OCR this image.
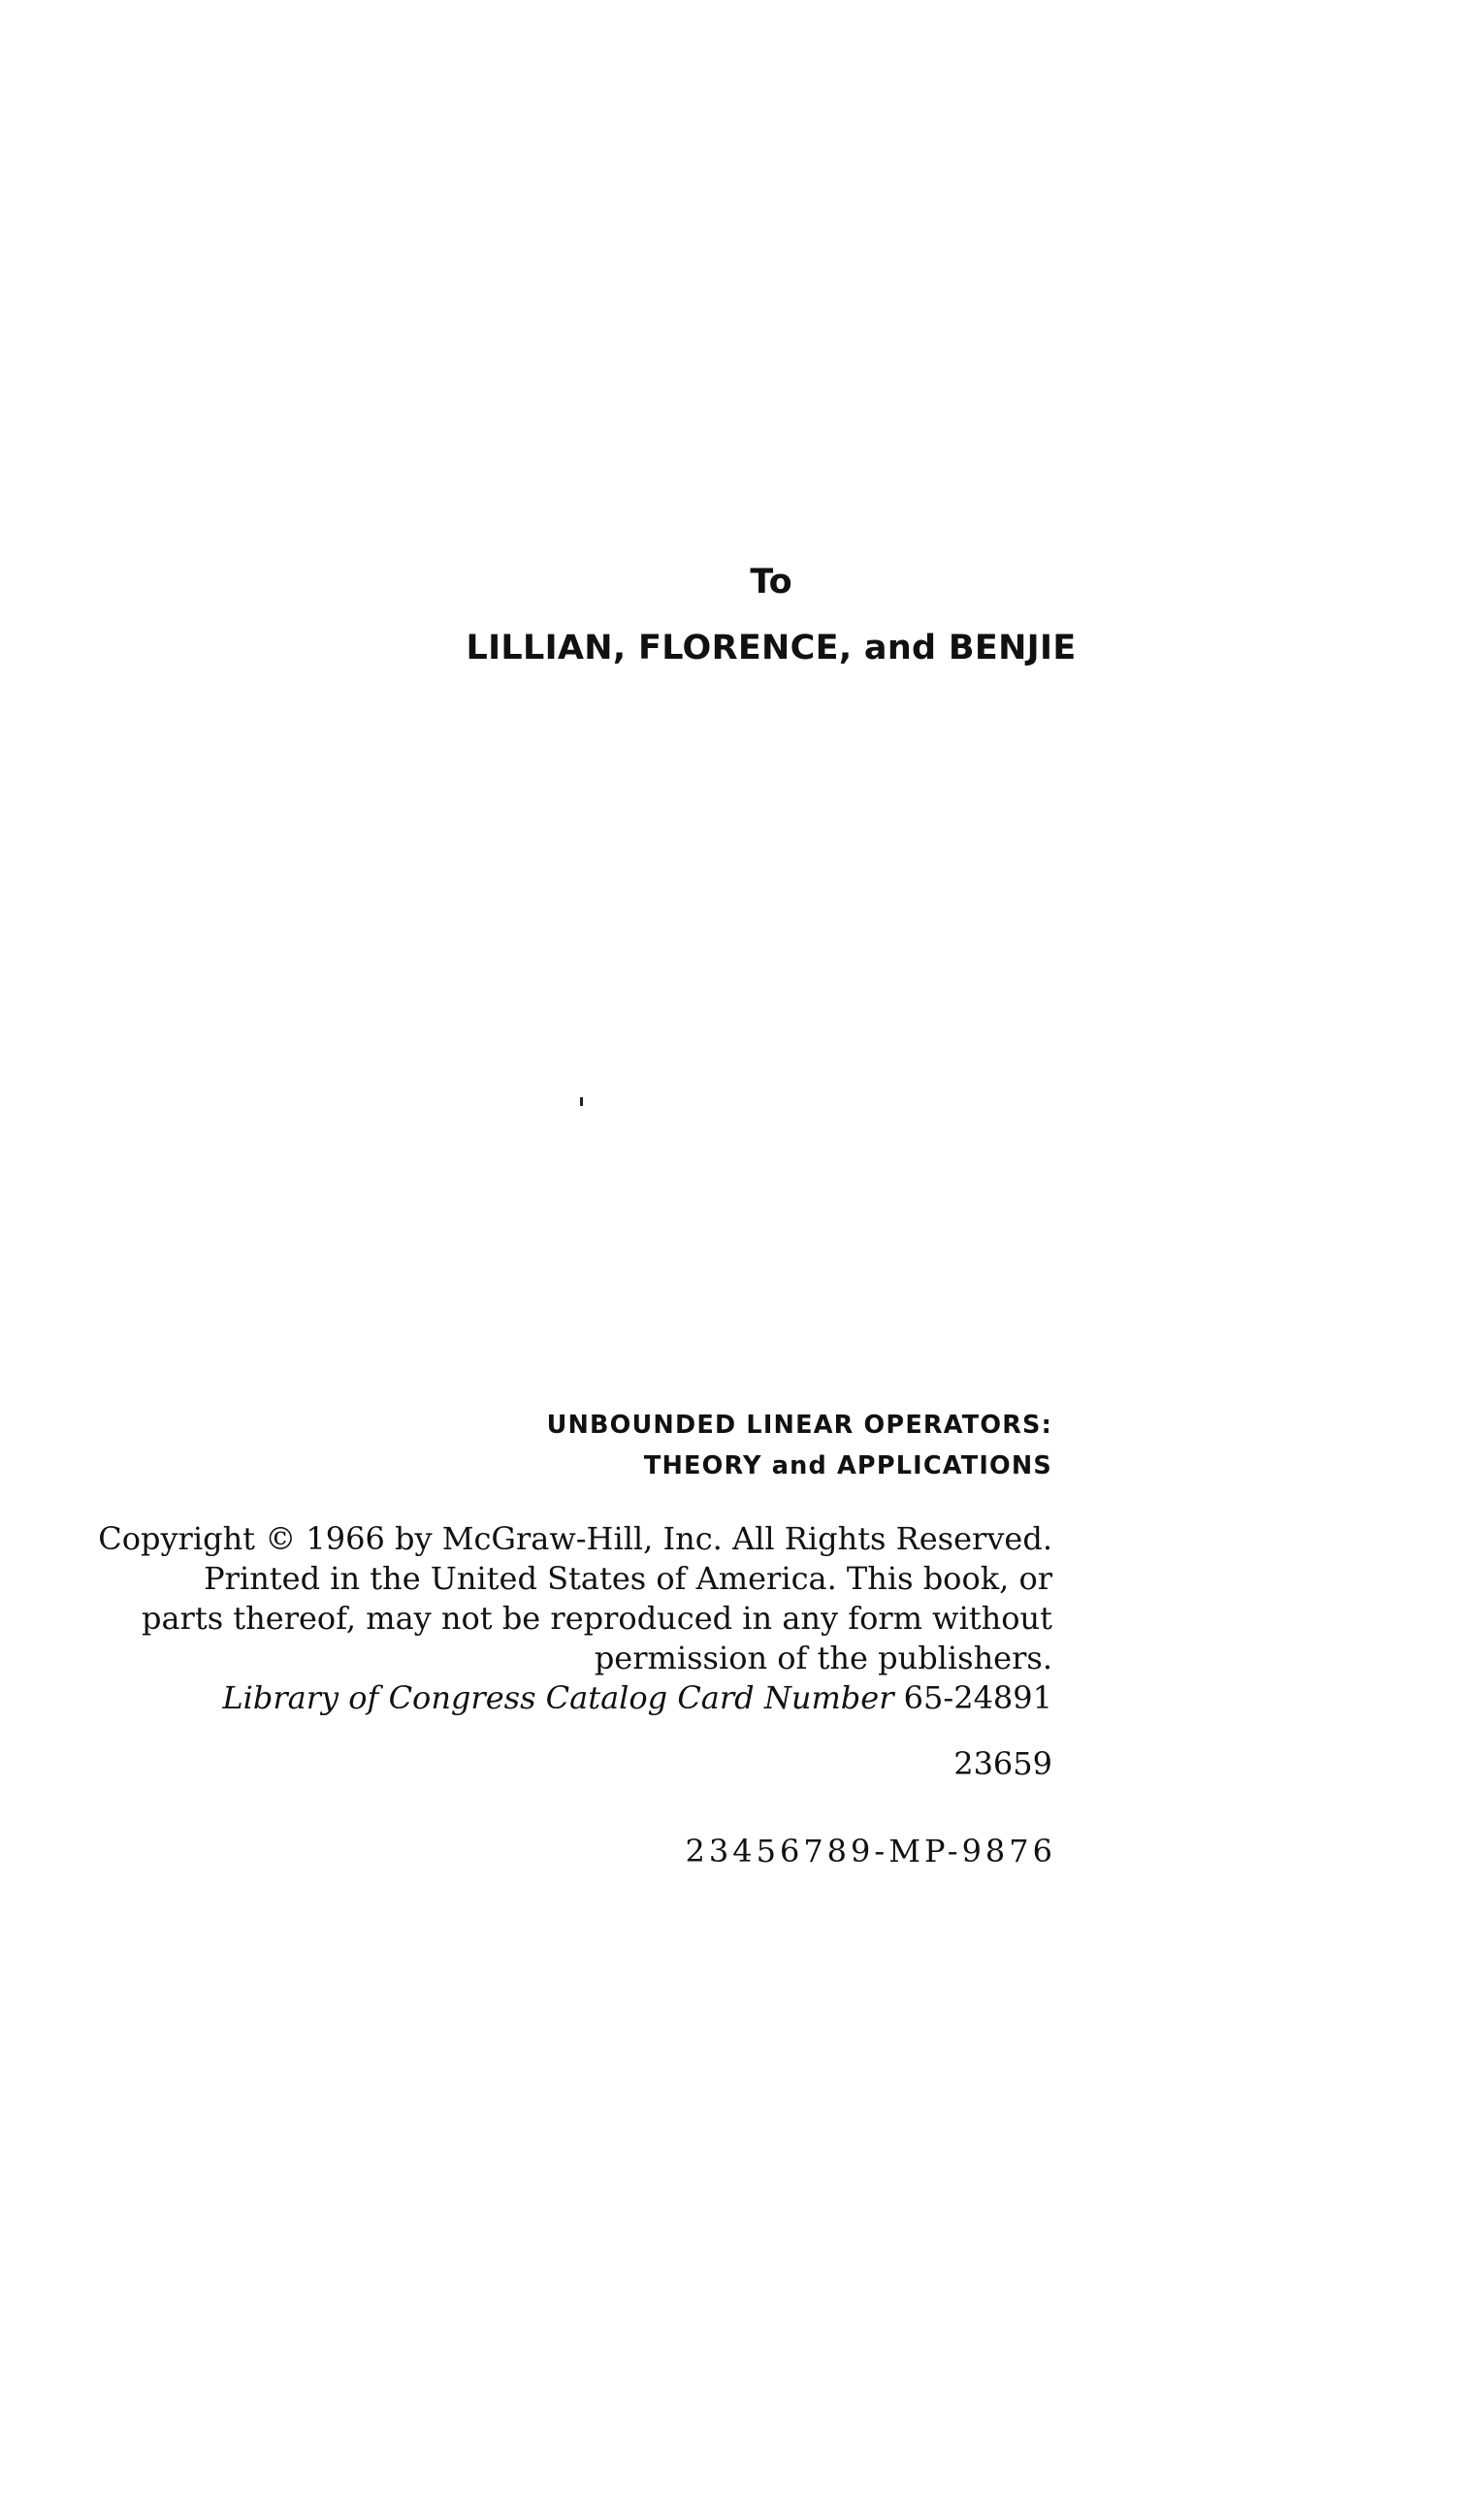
To
LILLIAN, FLORENCE, and BENJIE
UNBOUNDED LINEAR OPERATORS:
THEORY and APPLICATIONS
Copyright © 1966 by McGraw-Hill, Inc. All Rights Reserved.
Printed in the United States of America. This book, or
parts thereof, may not be reproduced in any form without
permission of the publishers.
Library of Congress Catalog Card Number 65-24891
23659
23456789-MP-9876
